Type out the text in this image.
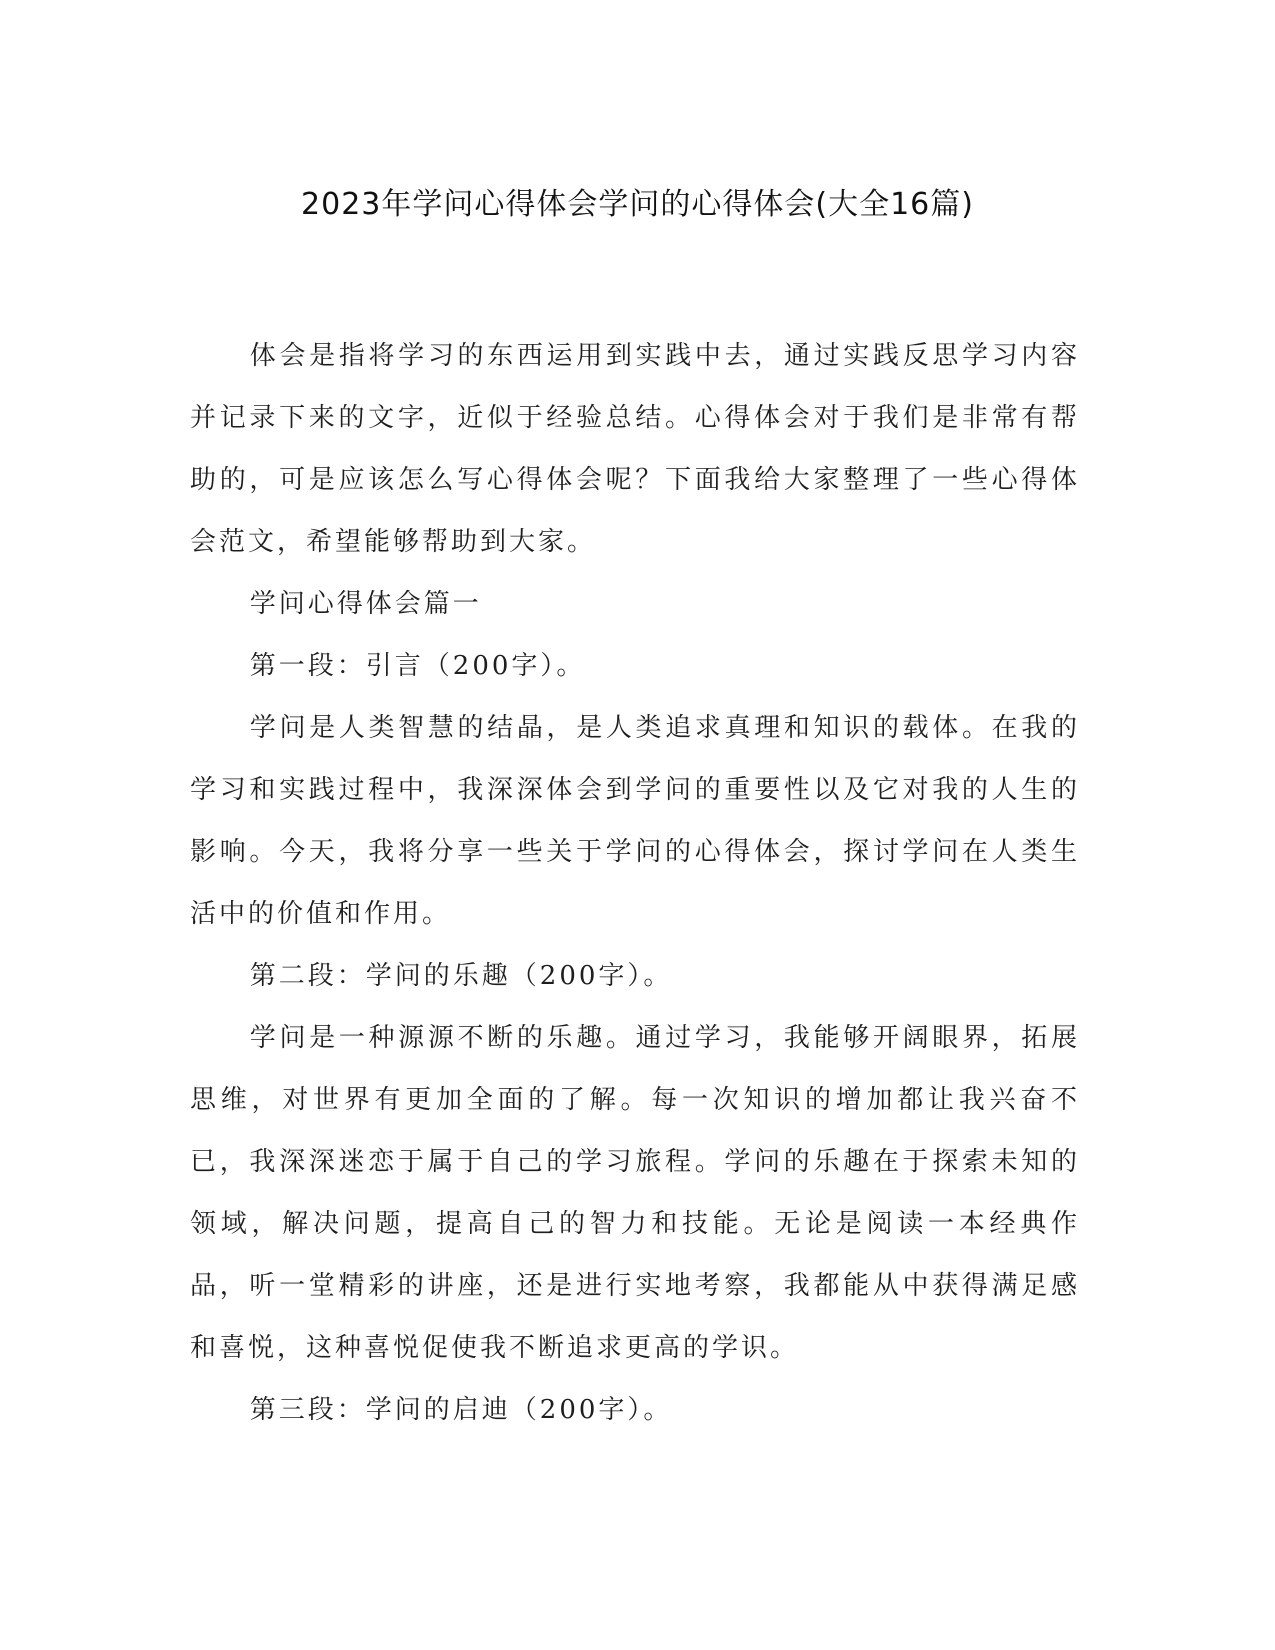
2023年学问心得体会学问的心得体会(大全16篇)

体会是指将学习的东西运用到实践中去，通过实践反思学习内容并记录下来的文字，近似于经验总结。心得体会对于我们是非常有帮助的，可是应该怎么写心得体会呢？下面我给大家整理了一些心得体会范文，希望能够帮助到大家。

学问心得体会篇一

第一段：引言（200字）。

学问是人类智慧的结晶，是人类追求真理和知识的载体。在我的学习和实践过程中，我深深体会到学问的重要性以及它对我的人生的影响。今天，我将分享一些关于学问的心得体会，探讨学问在人类生活中的价值和作用。

第二段：学问的乐趣（200字）。

学问是一种源源不断的乐趣。通过学习，我能够开阔眼界，拓展思维，对世界有更加全面的了解。每一次知识的增加都让我兴奋不已，我深深迷恋于属于自己的学习旅程。学问的乐趣在于探索未知的领域，解决问题，提高自己的智力和技能。无论是阅读一本经典作品，听一堂精彩的讲座，还是进行实地考察，我都能从中获得满足感和喜悦，这种喜悦促使我不断追求更高的学识。

第三段：学问的启迪（200字）。
